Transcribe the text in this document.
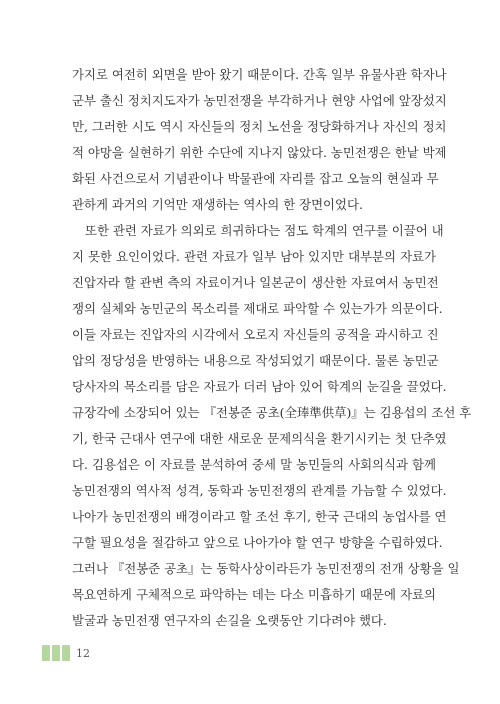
가지로 여전히 외면을 받아 왔기 때문이다. 간혹 일부 유물사관 학자나
군부 출신 정치지도자가 농민전쟁을 부각하거나 현양 사업에 앞장섰지
만, 그러한 시도 역시 자신들의 정치 노선을 정당화하거나 자신의 정치
적 야망을 실현하기 위한 수단에 지나지 않았다. 농민전쟁은 한낱 박제
화된 사건으로서 기념관이나 박물관에 자리를 잡고 오늘의 현실과 무
관하게 과거의 기억만 재생하는 역사의 한 장면이었다.
또한 관련 자료가 의외로 희귀하다는 점도 학계의 연구를 이끌어 내
지 못한 요인이었다. 관련 자료가 일부 남아 있지만 대부분의 자료가
진압자라 할 관변 측의 자료이거나 일본군이 생산한 자료여서 농민전
쟁의 실체와 농민군의 목소리를 제대로 파악할 수 있는가가 의문이다.
이들 자료는 진압자의 시각에서 오로지 자신들의 공적을 과시하고 진
압의 정당성을 반영하는 내용으로 작성되었기 때문이다. 물론 농민군
당사자의 목소리를 담은 자료가 더러 남아 있어 학계의 눈길을 끌었다.
규장각에 소장되어 있는 『전봉준 공초(全琫準供草)』는 김용섭의 조선 후
기, 한국 근대사 연구에 대한 새로운 문제의식을 환기시키는 첫 단추였
다. 김용섭은 이 자료를 분석하여 중세 말 농민들의 사회의식과 함께
농민전쟁의 역사적 성격, 동학과 농민전쟁의 관계를 가늠할 수 있었다.
나아가 농민전쟁의 배경이라고 할 조선 후기, 한국 근대의 농업사를 연
구할 필요성을 절감하고 앞으로 나아가야 할 연구 방향을 수립하였다.
그러나 『전봉준 공초』는 동학사상이라든가 농민전쟁의 전개 상황을 일
목요연하게 구체적으로 파악하는 데는 다소 미흡하기 때문에 자료의
발굴과 농민전쟁 연구자의 손길을 오랫동안 기다려야 했다.
12
